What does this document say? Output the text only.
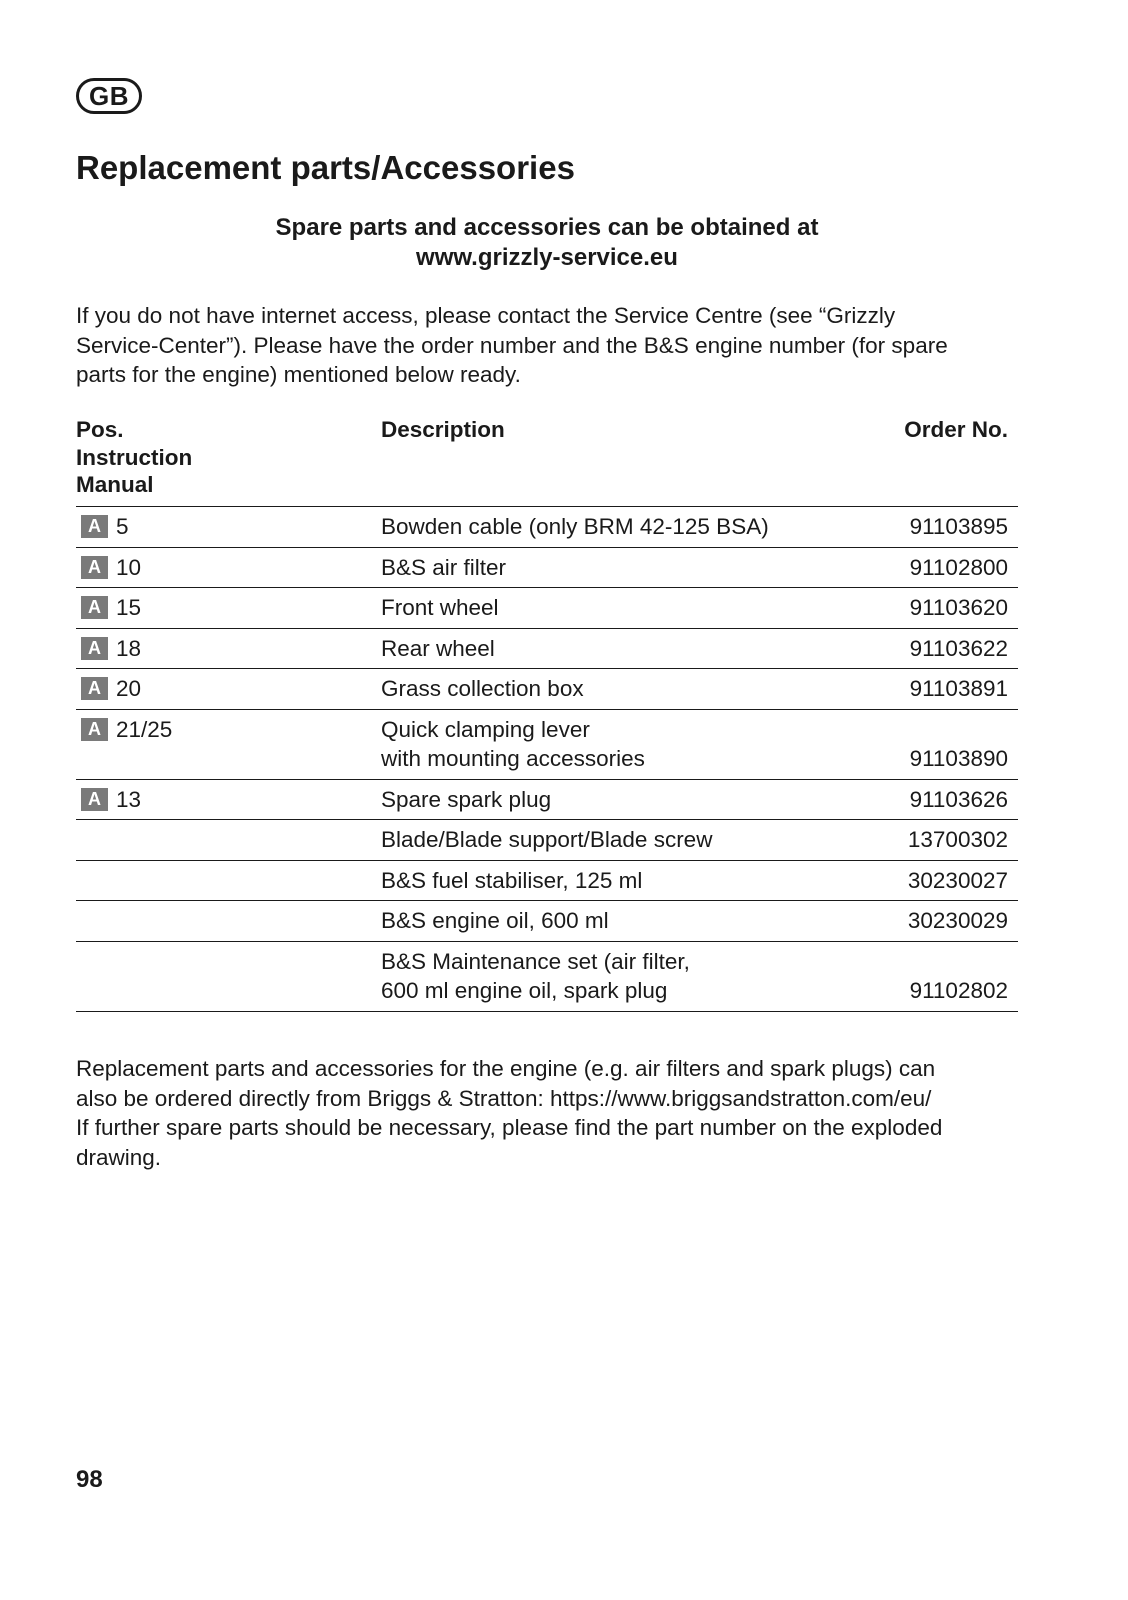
GB
Replacement parts/Accessories
Spare parts and accessories can be obtained at
www.grizzly-service.eu
If you do not have internet access, please contact the Service Centre (see “Grizzly
Service-Center”). Please have the order number and the B&S engine number (for spare
parts for the engine) mentioned below ready.
Pos.
Instruction
Manual
Description	Order No.
A 5	Bowden cable (only BRM 42-125 BSA)	91103895
A 10	B&S air filter	91102800
A 15	Front wheel	91103620
A 18	Rear wheel	91103622
A 20	Grass collection box	91103891
A 21/25	Quick clamping lever
with mounting accessories	91103890
A 13	Spare spark plug	91103626
Blade/Blade support/Blade screw	13700302
B&S fuel stabiliser, 125 ml	30230027
B&S engine oil, 600 ml	30230029
B&S Maintenance set (air filter,
600 ml engine oil, spark plug	91102802
Replacement parts and accessories for the engine (e.g. air filters and spark plugs) can
also be ordered directly from Briggs & Stratton: https://www.briggsandstratton.com/eu/
If further spare parts should be necessary, please find the part number on the exploded
drawing.
98
